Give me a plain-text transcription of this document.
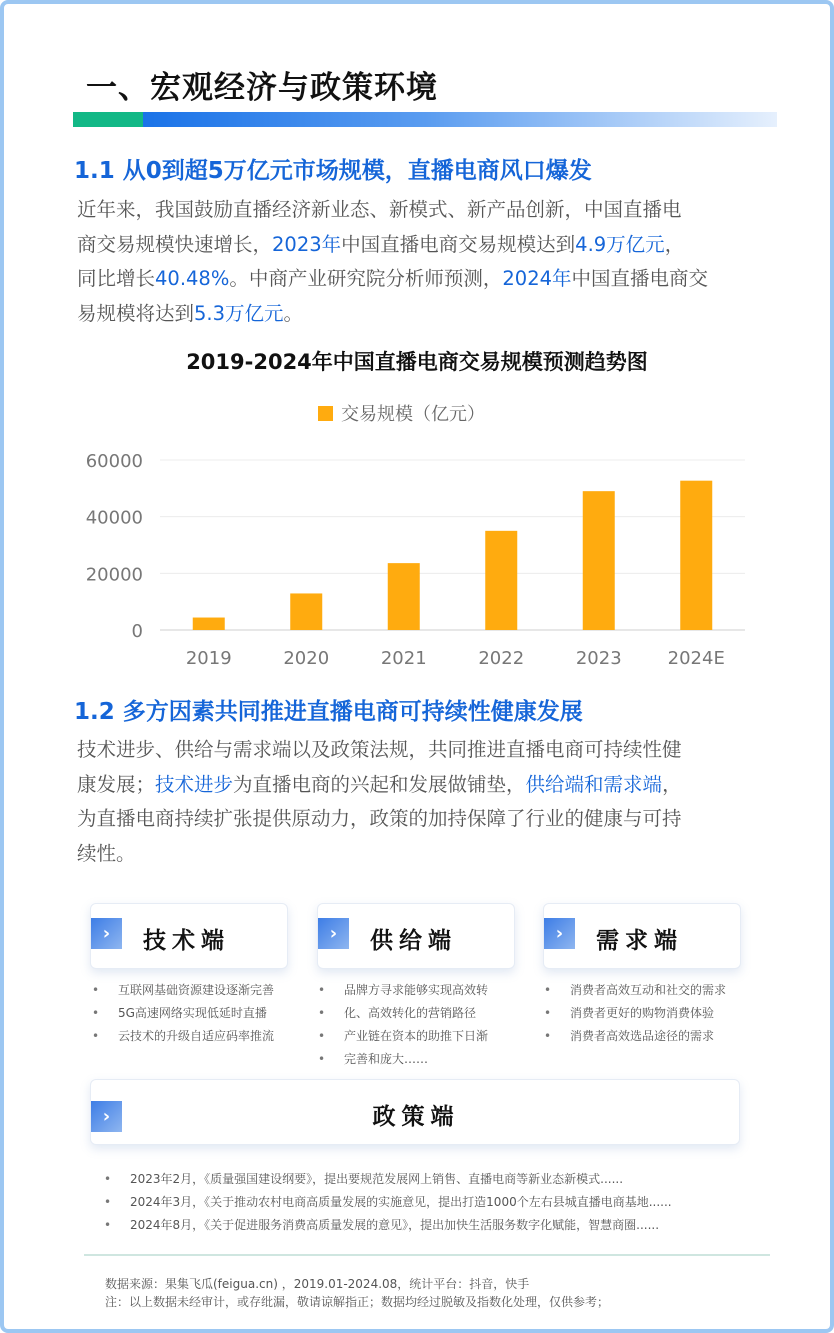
一、宏观经济与政策环境
1.1 从0到超5万亿元市场规模，直播电商风口爆发
近年来，我国鼓励直播经济新业态、新模式、新产品创新，中国直播电
商交易规模快速增长，2023年中国直播电商交易规模达到4.9万亿元，
同比增长40.48%。中商产业研究院分析师预测，2024年中国直播电商交
易规模将达到5.3万亿元。
2019-2024年中国直播电商交易规模预测趋势图
交易规模（亿元）
0
20000
40000
60000
2019	2020	2021	2022	2023	2024E
1.2 多方因素共同推进直播电商可持续性健康发展
技术进步、供给与需求端以及政策法规，共同推进直播电商可持续性健
康发展；技术进步为直播电商的兴起和发展做铺垫，供给端和需求端，
为直播电商持续扩张提供原动力，政策的加持保障了行业的健康与可持
续性。
›	技术端	›	供给端	›	需求端
• 互联网基础资源建设逐渐完善
• 5G高速网络实现低延时直播
• 云技术的升级自适应码率推流
• 品牌方寻求能够实现高效转
• 化、高效转化的营销路径
• 产业链在资本的助推下日渐
• 完善和庞大……
• 消费者高效互动和社交的需求
• 消费者更好的购物消费体验
• 消费者高效选品途径的需求
›	政策端
• 2023年2月，《质量强国建设纲要》，提出要规范发展网上销售、直播电商等新业态新模式......
• 2024年3月，《关于推动农村电商高质量发展的实施意见，提出打造1000个左右县城直播电商基地......
• 2024年8月，《关于促进服务消费高质量发展的意见》，提出加快生活服务数字化赋能，智慧商圈......
数据来源：果集飞瓜(feigua.cn) ，2019.01-2024.08，统计平台：抖音，快手
注：以上数据未经审计，或存纰漏，敬请谅解指正；数据均经过脱敏及指数化处理，仅供参考；
